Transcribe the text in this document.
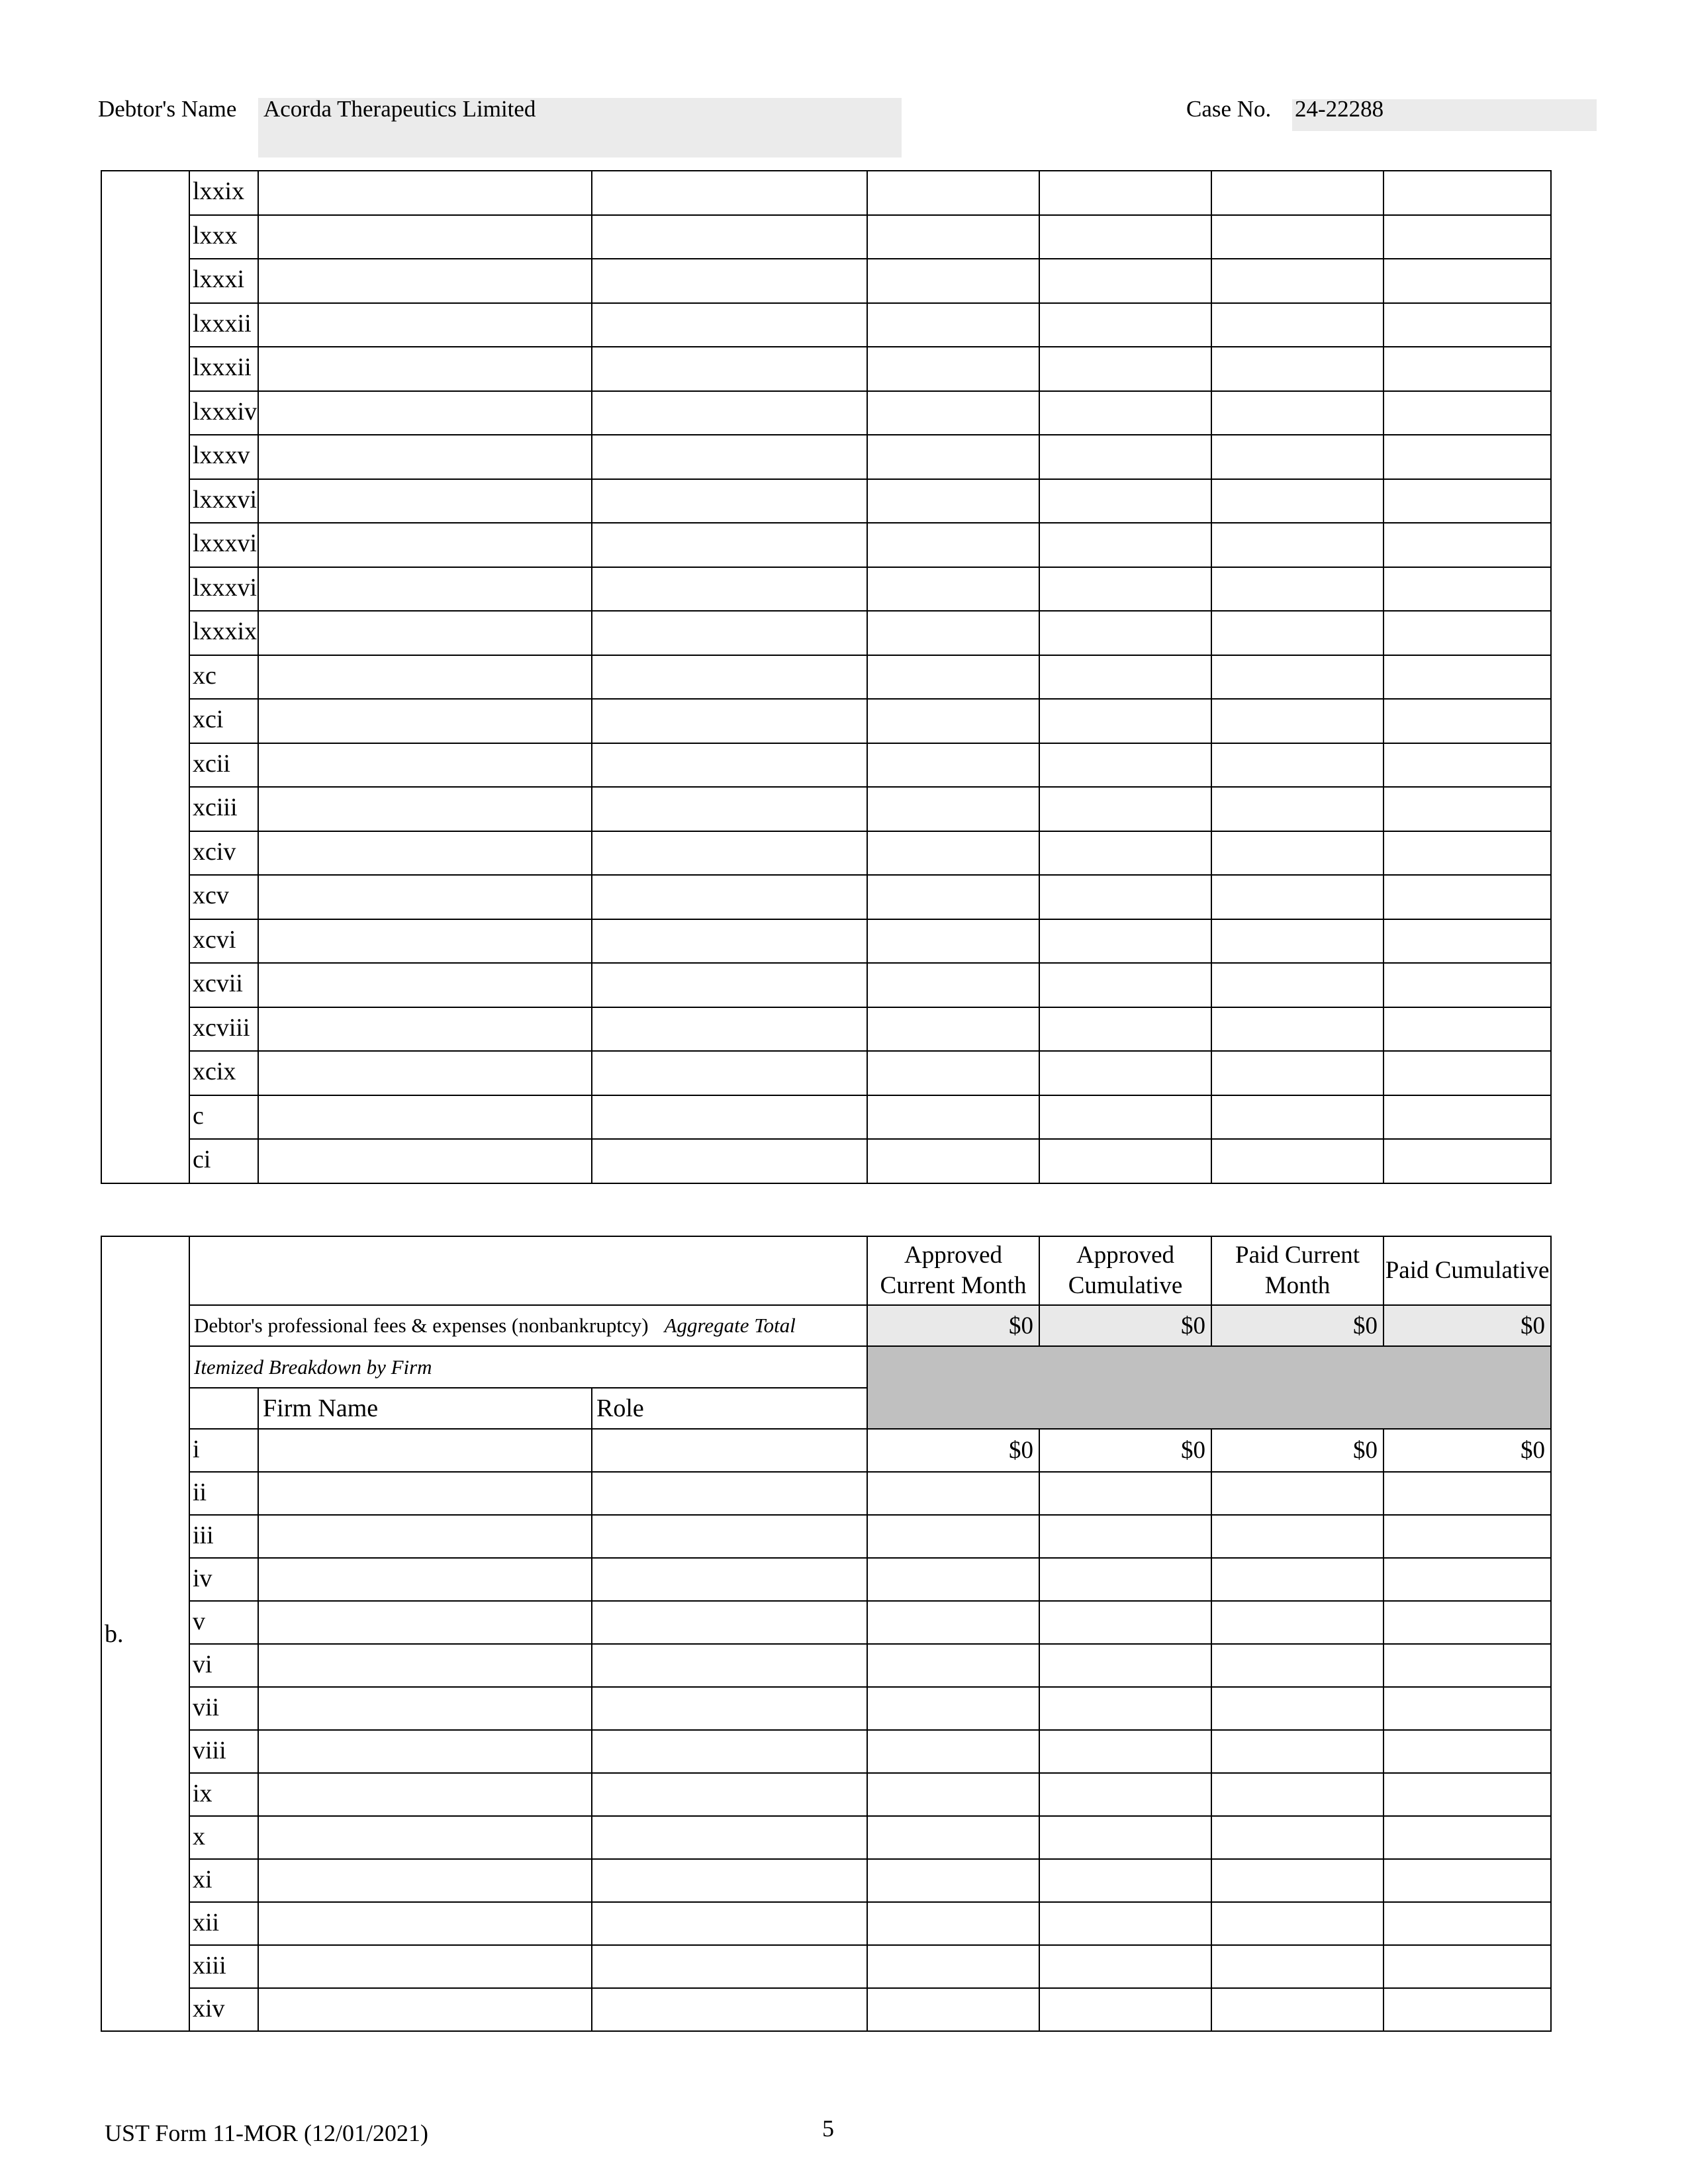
Debtor's Name Acorda Therapeutics Limited	Case No. 24-22288
	lxxix						
	lxxx						
	lxxxi						
	lxxxii						
	lxxxii						
	lxxxiv						
	lxxxv						
	lxxxvi						
	lxxxvi						
	lxxxvi						
	lxxxix						
	xc						
	xci						
	xcii						
	xciii						
	xciv						
	xcv						
	xcvi						
	xcvii						
	xcviii						
	xcix						
	c						
	ci						
b.				Approved Current Month	Approved Cumulative	Paid Current Month	Paid Cumulative
	Debtor's professional fees & expenses (nonbankruptcy) Aggregate Total			$0	$0	$0	$0
	Itemized Breakdown by Firm						
		Firm Name	Role				
	i			$0	$0	$0	$0
	ii						
	iii						
	iv						
	v						
	vi						
	vii						
	viii						
	ix						
	x						
	xi						
	xii						
	xiii						
	xiv						
UST Form 11-MOR (12/01/2021)	5
